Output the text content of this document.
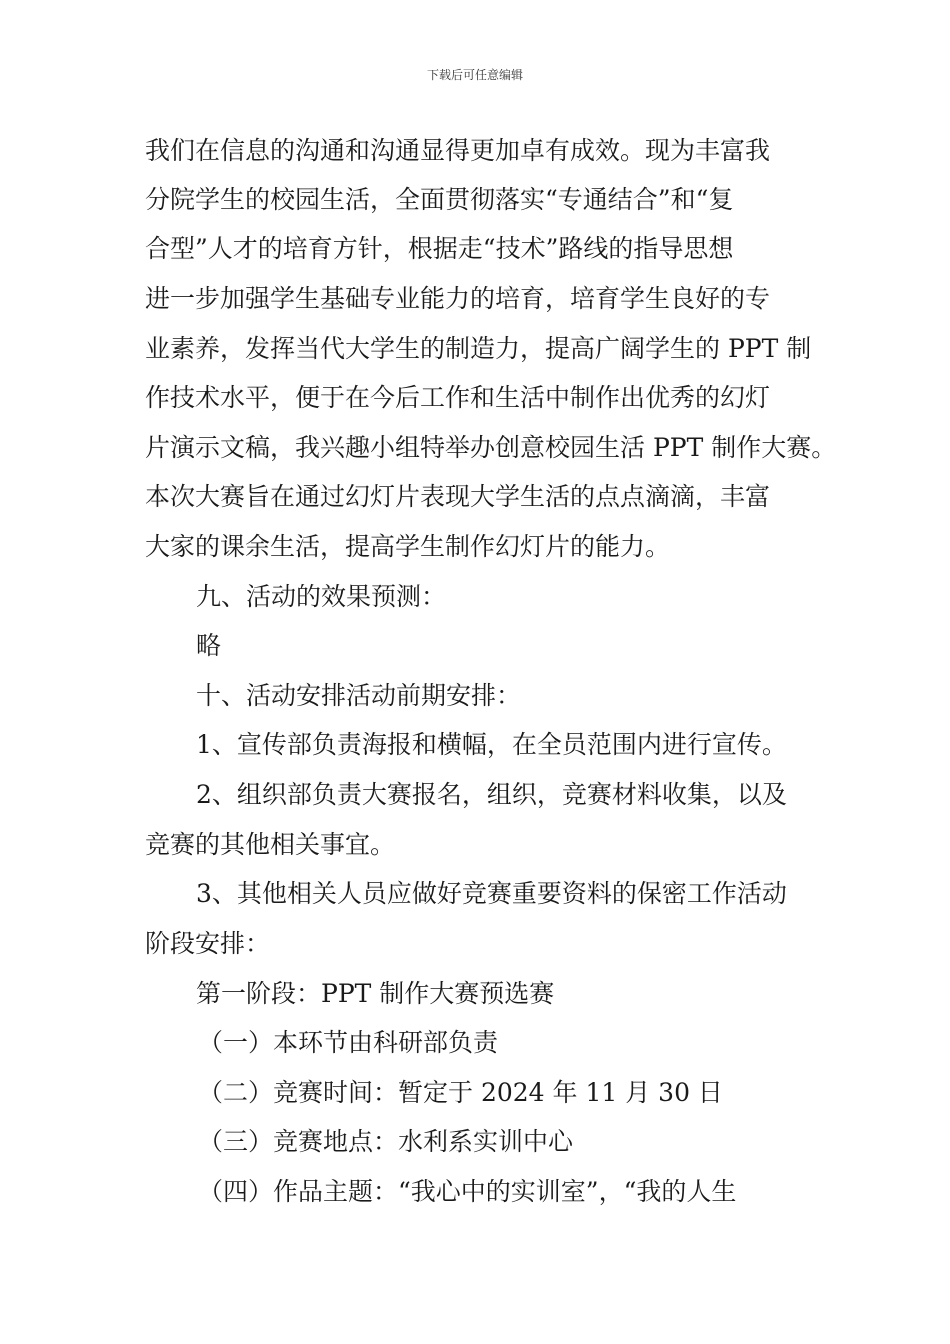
下载后可任意编辑
我们在信息的沟通和沟通显得更加卓有成效。现为丰富我
分院学生的校园生活，全面贯彻落实“专通结合”和“复
合型”人才的培育方针，根据走“技术”路线的指导思想
进一步加强学生基础专业能力的培育，培育学生良好的专
业素养，发挥当代大学生的制造力，提高广阔学生的 PPT 制
作技术水平，便于在今后工作和生活中制作出优秀的幻灯
片演示文稿，我兴趣小组特举办创意校园生活 PPT 制作大赛。
本次大赛旨在通过幻灯片表现大学生活的点点滴滴，丰富
大家的课余生活，提高学生制作幻灯片的能力。
九、活动的效果预测：
略
十、活动安排活动前期安排：
1、宣传部负责海报和横幅，在全员范围内进行宣传。
2、组织部负责大赛报名，组织，竞赛材料收集，以及
竞赛的其他相关事宜。
3、其他相关人员应做好竞赛重要资料的保密工作活动
阶段安排：
第一阶段：PPT 制作大赛预选赛
（一）本环节由科研部负责
（二）竞赛时间：暂定于 2024 年 11 月 30 日
（三）竞赛地点：水利系实训中心
（四）作品主题：“我心中的实训室”，“我的人生
